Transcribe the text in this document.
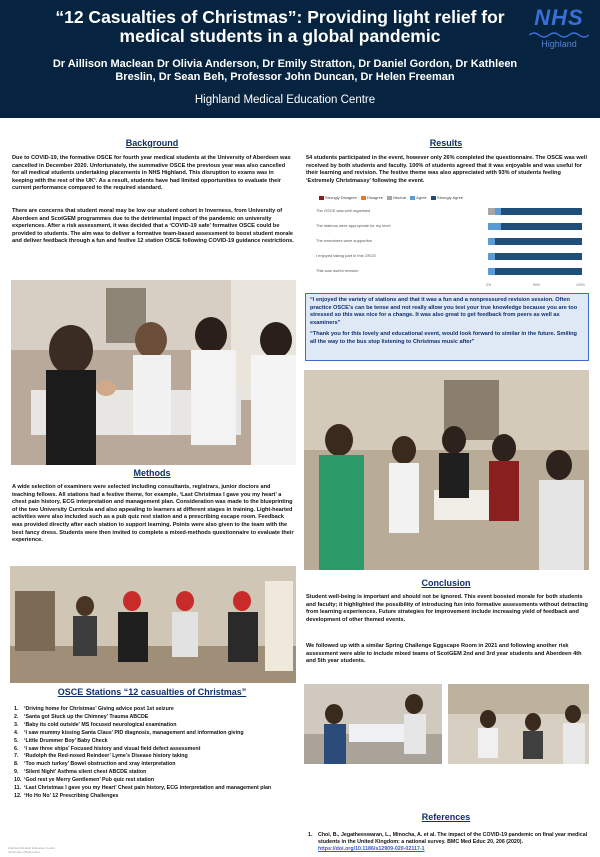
“12 Casualties of Christmas”: Providing light relief for medical students in a global pandemic
Dr Aillison Maclean Dr Olivia Anderson, Dr Emily Stratton, Dr Daniel Gordon, Dr Kathleen Breslin, Dr Sean Beh, Professor John Duncan, Dr Helen Freeman
Highland Medical Education Centre
NHS
Highland
Background
Due to COVID-19, the formative OSCE for fourth year medical students at the University of Aberdeen was cancelled in December 2020. Unfortunately, the summative OSCE the previous year was also cancelled for all medical students undertaking placements in NHS Highland. This disruption to exams was in keeping with the rest of the UK¹. As a result, students have had limited opportunities to evaluate their current performance compared to the required standard.
There are concerns that student moral may be low our student cohort in Inverness, from University of Aberdeen and ScotGEM programmes due to the detrimental impact of the pandemic on university experiences. After a risk assessment, it was decided that a ‘COVID-19 safe’ formative OSCE could be provided to students. The aim was to deliver a formative team-based assessment to boost student morale and deliver feedback through a fun and festive 12 station OSCE following COVID-19 guidance restrictions.
Methods
A wide selection of examiners were selected including consultants, registrars, junior doctors and teaching fellows. All stations had a festive theme, for example, ‘Last Christmas I gave you my heart’ a chest pain history, ECG interpretation and management plan. Consideration was made to the blueprinting of the two University Curricula and also appealing to learners at different stages in training. Light-hearted activities were also included such as a pub quiz rest station and a prescribing escape room. Feedback was provided directly after each station to support learning. Points were also given to the team with the best fancy dress. Students were then invited to complete a mixed-methods questionnaire to evaluate their experience.
OSCE Stations “12 casualties of Christmas”
1. ‘Driving home for Christmas’ Giving advice post 1st seizure
2. ‘Santa got Stuck up the Chimney’ Trauma ABCDE
3. ‘Baby its cold outside’ MS focused neurological examination
4. ‘I saw mummy kissing Santa Claus’ PID diagnosis, management and information giving
5. ‘Little Drummer Boy’ Baby Check
6. ‘I saw three ships’ Focused history and visual field defect assessment
7. ‘Rudolph the Red-nosed Reindeer’ Lyme’s Disease history taking
8. ‘Too much turkey’ Bowel obstruction and xray interpretation
9. ‘Silent Night’ Asthma silent chest ABCDE station
10. ‘God rest ye Merry Gentlemen’ Pub quiz rest station
11. ‘Last Christmas I gave you my Heart’ Chest pain history, ECG interpretation and management plan
12. ‘Ho Ho No’ 12 Prescribing Challenges
Results
54 students participated in the event, however only 26% completed the questionnaire. The OSCE was well received by both students and faculty. 100% of students agreed that it was enjoyable and was useful for their learning and revision. The festive theme was also appreciated with 93% of students feeling ‘Extremely Christmassy’ following the event.
Strongly Disagree	Disagree	Neutral	Agree	Strongly Agree
The OSCE was well organised
The stations were appropriate for my level
The examiners were supportive
I enjoyed taking part in this OSCE
This was useful revision
0%	50%	100%

“I enjoyed the variety of stations and that it was a fun and a nonpressured revision session. Often practice OSCE’s can be tense and not really allow you test your true knowledge because you are too stressed so this was nice for a change. It was also great to get feedback from peers as well as examiners”

“Thank you for this lovely and educational event, would look forward to similar in the future. Smiling all the way to the bus stop listening to Christmas music after”

Conclusion
Student well-being is important and should not be ignored. This event boosted morale for both students and faculty; it highlighted the possibility of introducing fun into formative assessments without detracting from learning experiences. Future strategies for improvement include increasing yield of feedback and development of other themed events.
We followed up with a similar Spring Challenge Eggscape Room in 2021 and following another risk assessment were able to include mixed teams of ScotGEM 2nd and 3rd year students and Aberdeen 4th and 5th year students.
References
1.	Choi, B., Jegatheeswaran, L., Minocha, A. et al. The impact of the COVID-19 pandemic on final year medical students in the United Kingdom: a national survey. BMC Med Educ 20, 206 (2020). https://doi.org/10.1186/s12909-020-02117-1
Highland Medical Education Centre
Christmas OSCE poster
